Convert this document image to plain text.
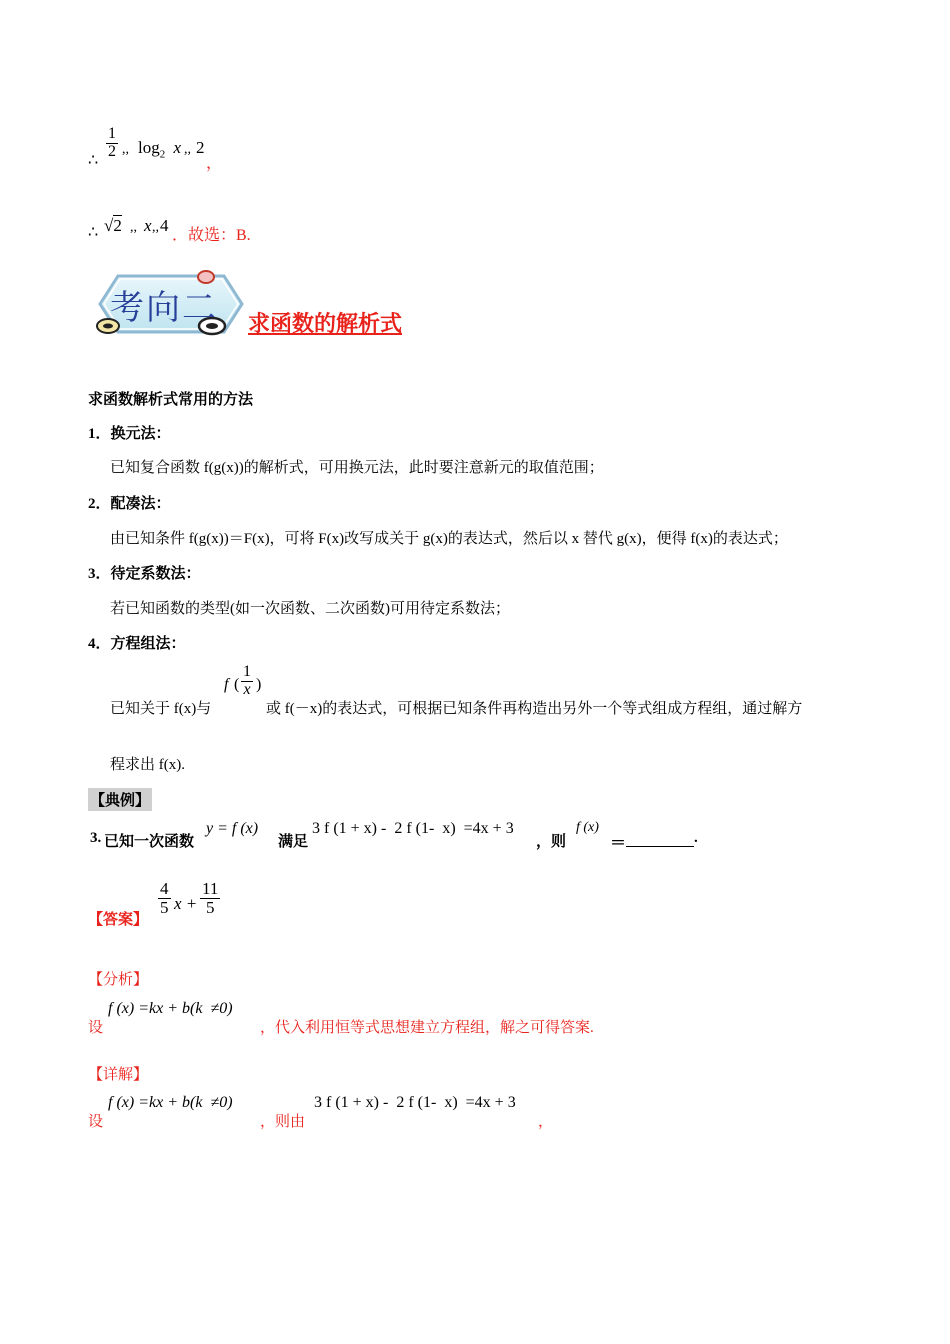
∴ $\frac{1}{2}$ ,, $\log_2 x$ ,, 2
，
∴ √2 ,, x ,, 4
．故选：B.
考向二 求函数的解析式
求函数解析式常用的方法
1．换元法：
已知复合函数 f(g(x))的解析式，可用换元法，此时要注意新元的取值范围；
2．配凑法：
由已知条件 f(g(x))＝F(x)，可将 F(x)改写成关于 g(x)的表达式，然后以 x 替代 g(x)，便得 f(x)的表达式；
3．待定系数法：
若已知函数的类型(如一次函数、二次函数)可用待定系数法；
4．方程组法：
已知关于 f(x)与
f ( $\frac{1}{x}$ )
或 f(－x)的表达式，可根据已知条件再构造出另外一个等式组成方程组，通过解方
程求出 f(x).
【典例】
3. 已知一次函数
y = f (x)
满足
3 f (1 + x) -  2 f (1-  x)  =4x + 3
，则
f (x)
＝	.
【答案】
$\frac{4}{5}$ $x + \frac{11}{5}$
【分析】
设
f (x) =kx + b(k  ≠0)
，代入利用恒等式思想建立方程组，解之可得答案.
【详解】
设
f (x) =kx + b(k  ≠0)
，则由
3 f (1 + x) -  2 f (1-  x)  =4x + 3
，
